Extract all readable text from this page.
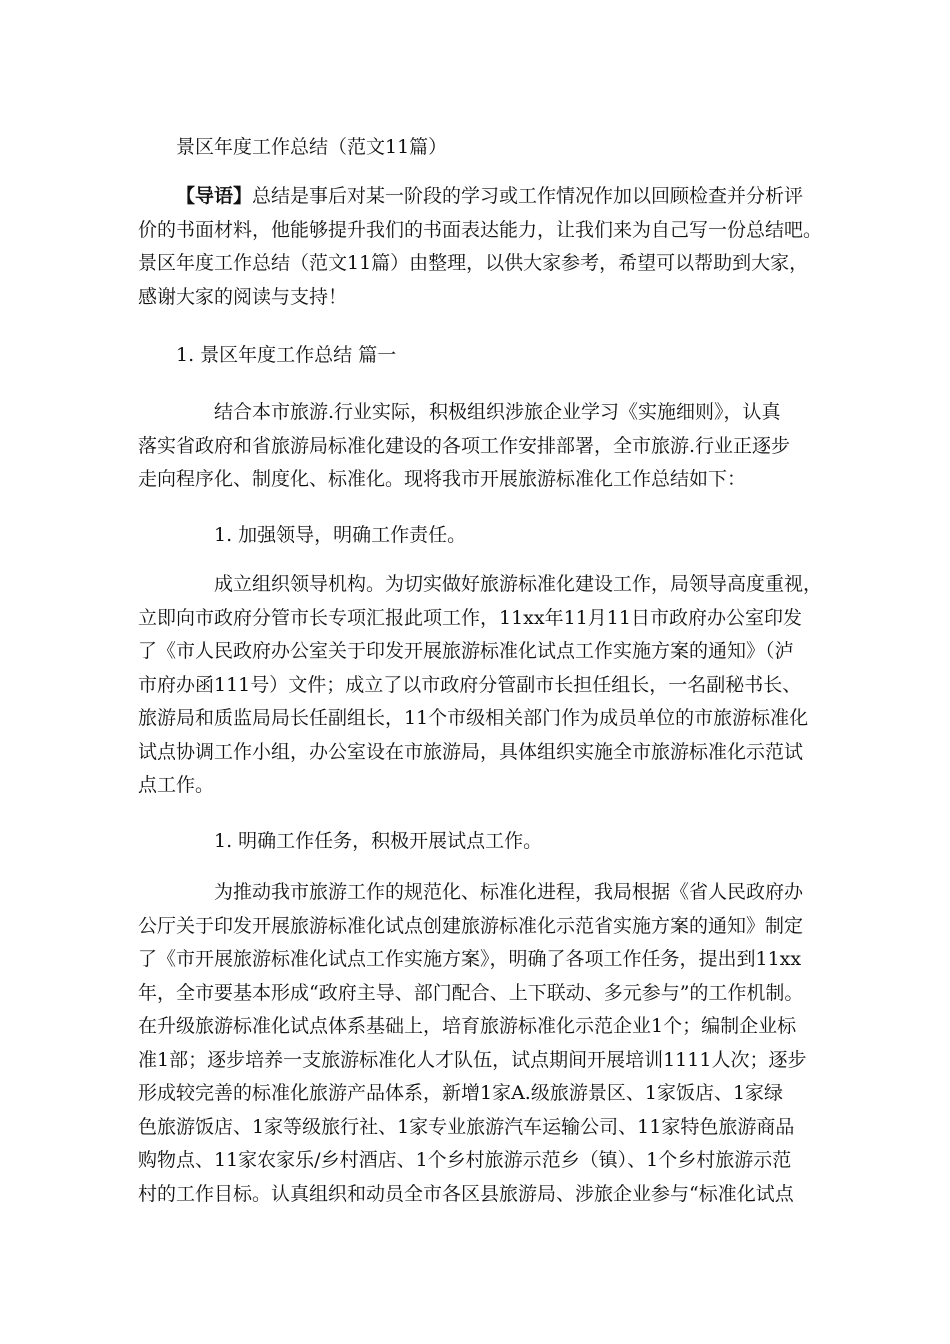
景区年度工作总结（范文11篇）

【导语】总结是事后对某一阶段的学习或工作情况作加以回顾检查并分析评
价的书面材料，他能够提升我们的书面表达能力，让我们来为自己写一份总结吧。
景区年度工作总结（范文11篇）由整理，以供大家参考，希望可以帮助到大家，
感谢大家的阅读与支持！

1. 景区年度工作总结 篇一

结合本市旅游.行业实际，积极组织涉旅企业学习《实施细则》，认真
落实省政府和省旅游局标准化建设的各项工作安排部署，全市旅游.行业正逐步
走向程序化、制度化、标准化。现将我市开展旅游标准化工作总结如下：

1. 加强领导，明确工作责任。

成立组织领导机构。为切实做好旅游标准化建设工作，局领导高度重视，
立即向市政府分管市长专项汇报此项工作，11xx年11月11日市政府办公室印发
了《市人民政府办公室关于印发开展旅游标准化试点工作实施方案的通知》（泸
市府办函111号）文件；成立了以市政府分管副市长担任组长，一名副秘书长、
旅游局和质监局局长任副组长，11个市级相关部门作为成员单位的市旅游标准化
试点协调工作小组，办公室设在市旅游局，具体组织实施全市旅游标准化示范试
点工作。

1. 明确工作任务，积极开展试点工作。

为推动我市旅游工作的规范化、标准化进程，我局根据《省人民政府办
公厅关于印发开展旅游标准化试点创建旅游标准化示范省实施方案的通知》制定
了《市开展旅游标准化试点工作实施方案》，明确了各项工作任务，提出到11xx
年，全市要基本形成“政府主导、部门配合、上下联动、多元参与”的工作机制。
在升级旅游标准化试点体系基础上，培育旅游标准化示范企业1个；编制企业标
准1部；逐步培养一支旅游标准化人才队伍，试点期间开展培训1111人次；逐步
形成较完善的标准化旅游产品体系，新增1家A.级旅游景区、1家饭店、1家绿
色旅游饭店、1家等级旅行社、1家专业旅游汽车运输公司、11家特色旅游商品
购物点、11家农家乐/乡村酒店、1个乡村旅游示范乡（镇）、1个乡村旅游示范
村的工作目标。认真组织和动员全市各区县旅游局、涉旅企业参与“标准化试点
